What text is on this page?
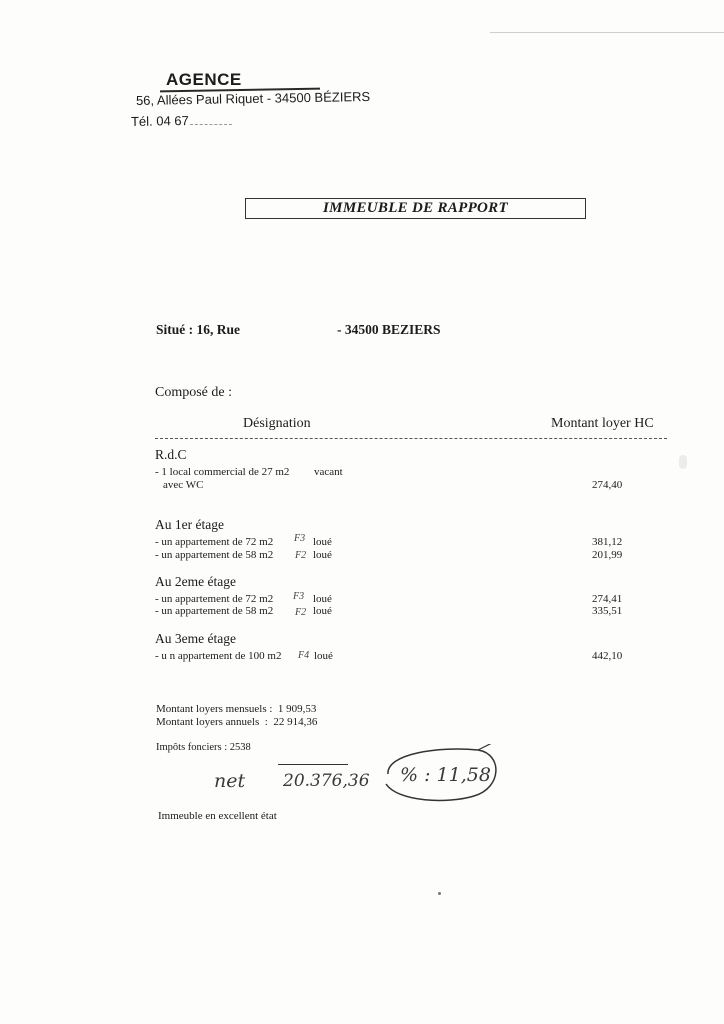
AGENCE
56, Allées Paul Riquet - 34500 BÉZIERS
Tél. 04 67
IMMEUBLE DE RAPPORT
Situé : 16, Rue	- 34500 BEZIERS
Composé de :
Désignation	Montant loyer HC
R.d.C
- 1 local commercial de 27 m2 vacant
avec WC	274,40
Au 1er étage
- un appartement de 72 m2 F3 loué	381,12
- un appartement de 58 m2 F2 loué	201,99
Au 2eme étage
- un appartement de 72 m2 F3 loué	274,41
- un appartement de 58 m2 F2 loué	335,51
Au 3eme étage
- u n appartement de 100 m2 F4 loué	442,10
Montant loyers mensuels : 1 909,53
Montant loyers annuels : 22 914,36
Impôts fonciers : 2538
net 20.376,36 % : 11,58
Immeuble en excellent état
